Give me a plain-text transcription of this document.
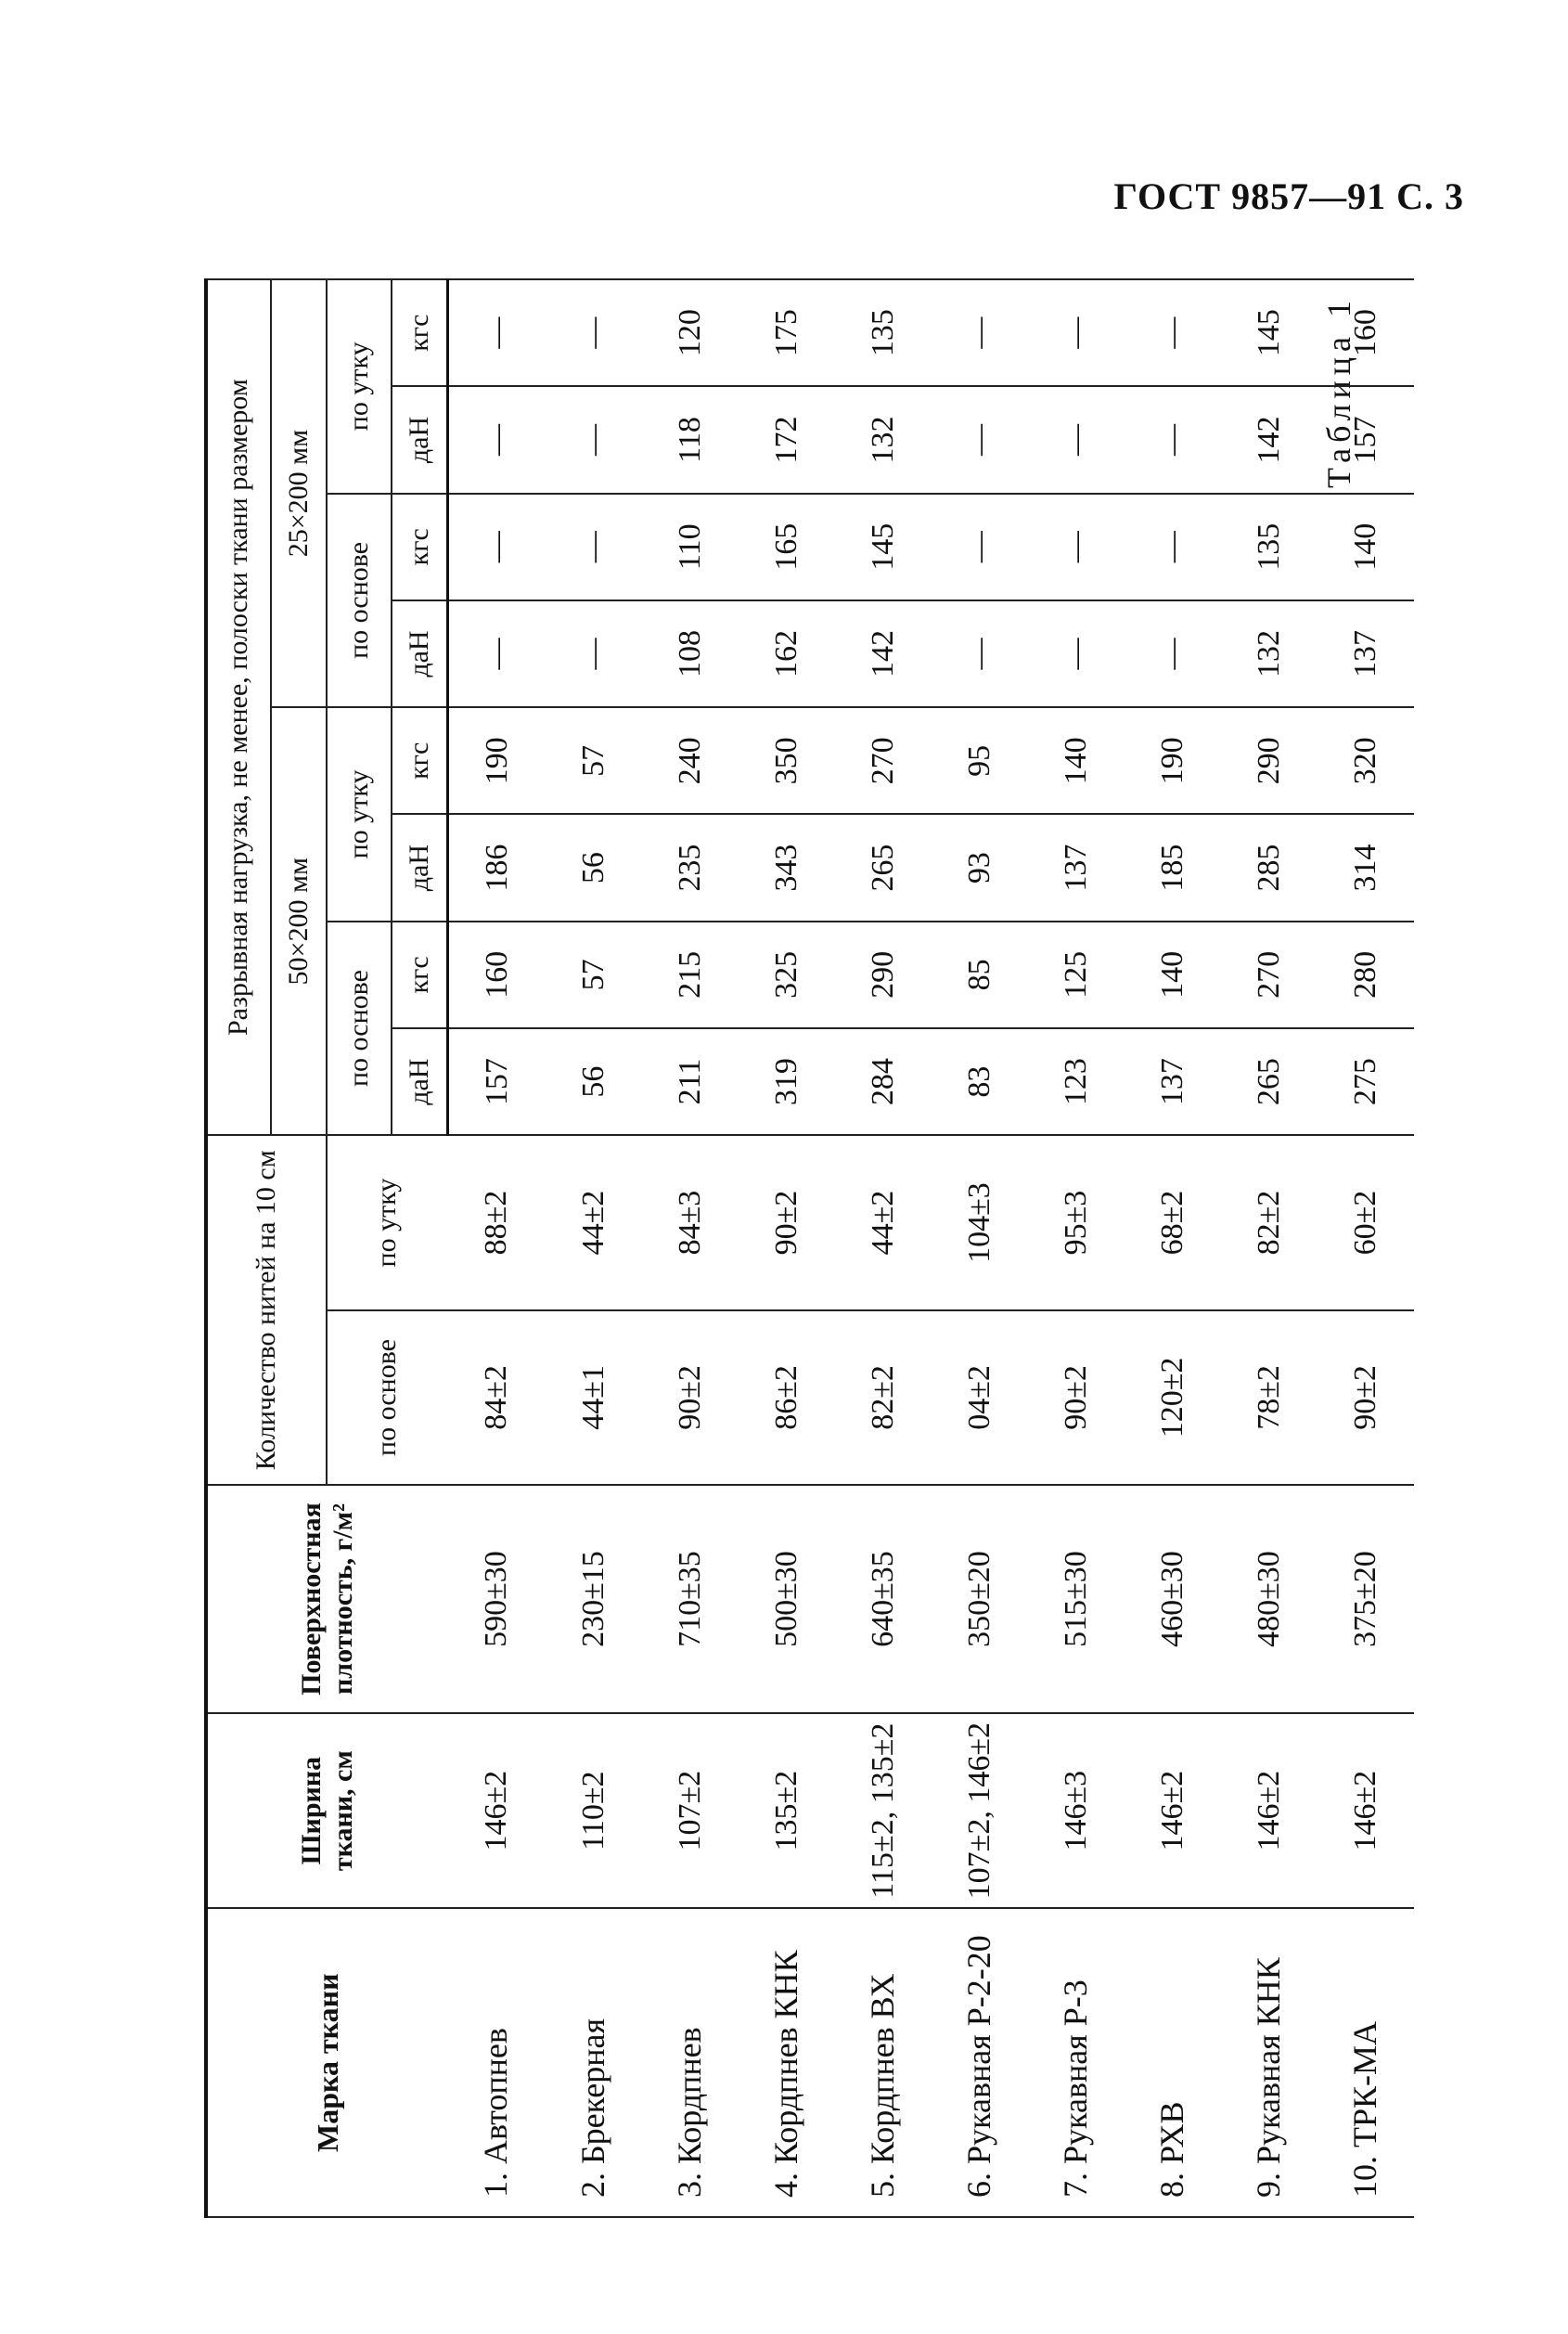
ГОСТ 9857—91 С. 3
Таблица 1
Марка ткани	Ширина ткани, см	Поверхностная плотность, г/м²	Количество нитей на 10 см		Разрывная нагрузка, не менее, полоски ткани размером							
					50×200 мм				25×200 мм			
			по основе	по утку	по основе		по утку		по основе		по утку	
					даН	кгс	даН	кгс	даН	кгс	даН	кгс
1. Автопнев	146±2	590±30	84±2	88±2	157	160	186	190	—	—	—	—
2. Брекерная	110±2	230±15	44±1	44±2	56	57	56	57	—	—	—	—
3. Кордпнев	107±2	710±35	90±2	84±3	211	215	235	240	108	110	118	120
4. Кордпнев КНК	135±2	500±30	86±2	90±2	319	325	343	350	162	165	172	175
5. Кордпнев ВХ	115±2, 135±2	640±35	82±2	44±2	284	290	265	270	142	145	132	135
6. Рукавная Р-2-20	107±2, 146±2	350±20	04±2	104±3	83	85	93	95	—	—	—	—
7. Рукавная Р-3	146±3	515±30	90±2	95±3	123	125	137	140	—	—	—	—
8. РХВ	146±2	460±30	120±2	68±2	137	140	185	190	—	—	—	—
9. Рукавная КНК	146±2	480±30	78±2	82±2	265	270	285	290	132	135	142	145
10. ТРК-МА	146±2	375±20	90±2	60±2	275	280	314	320	137	140	157	160
